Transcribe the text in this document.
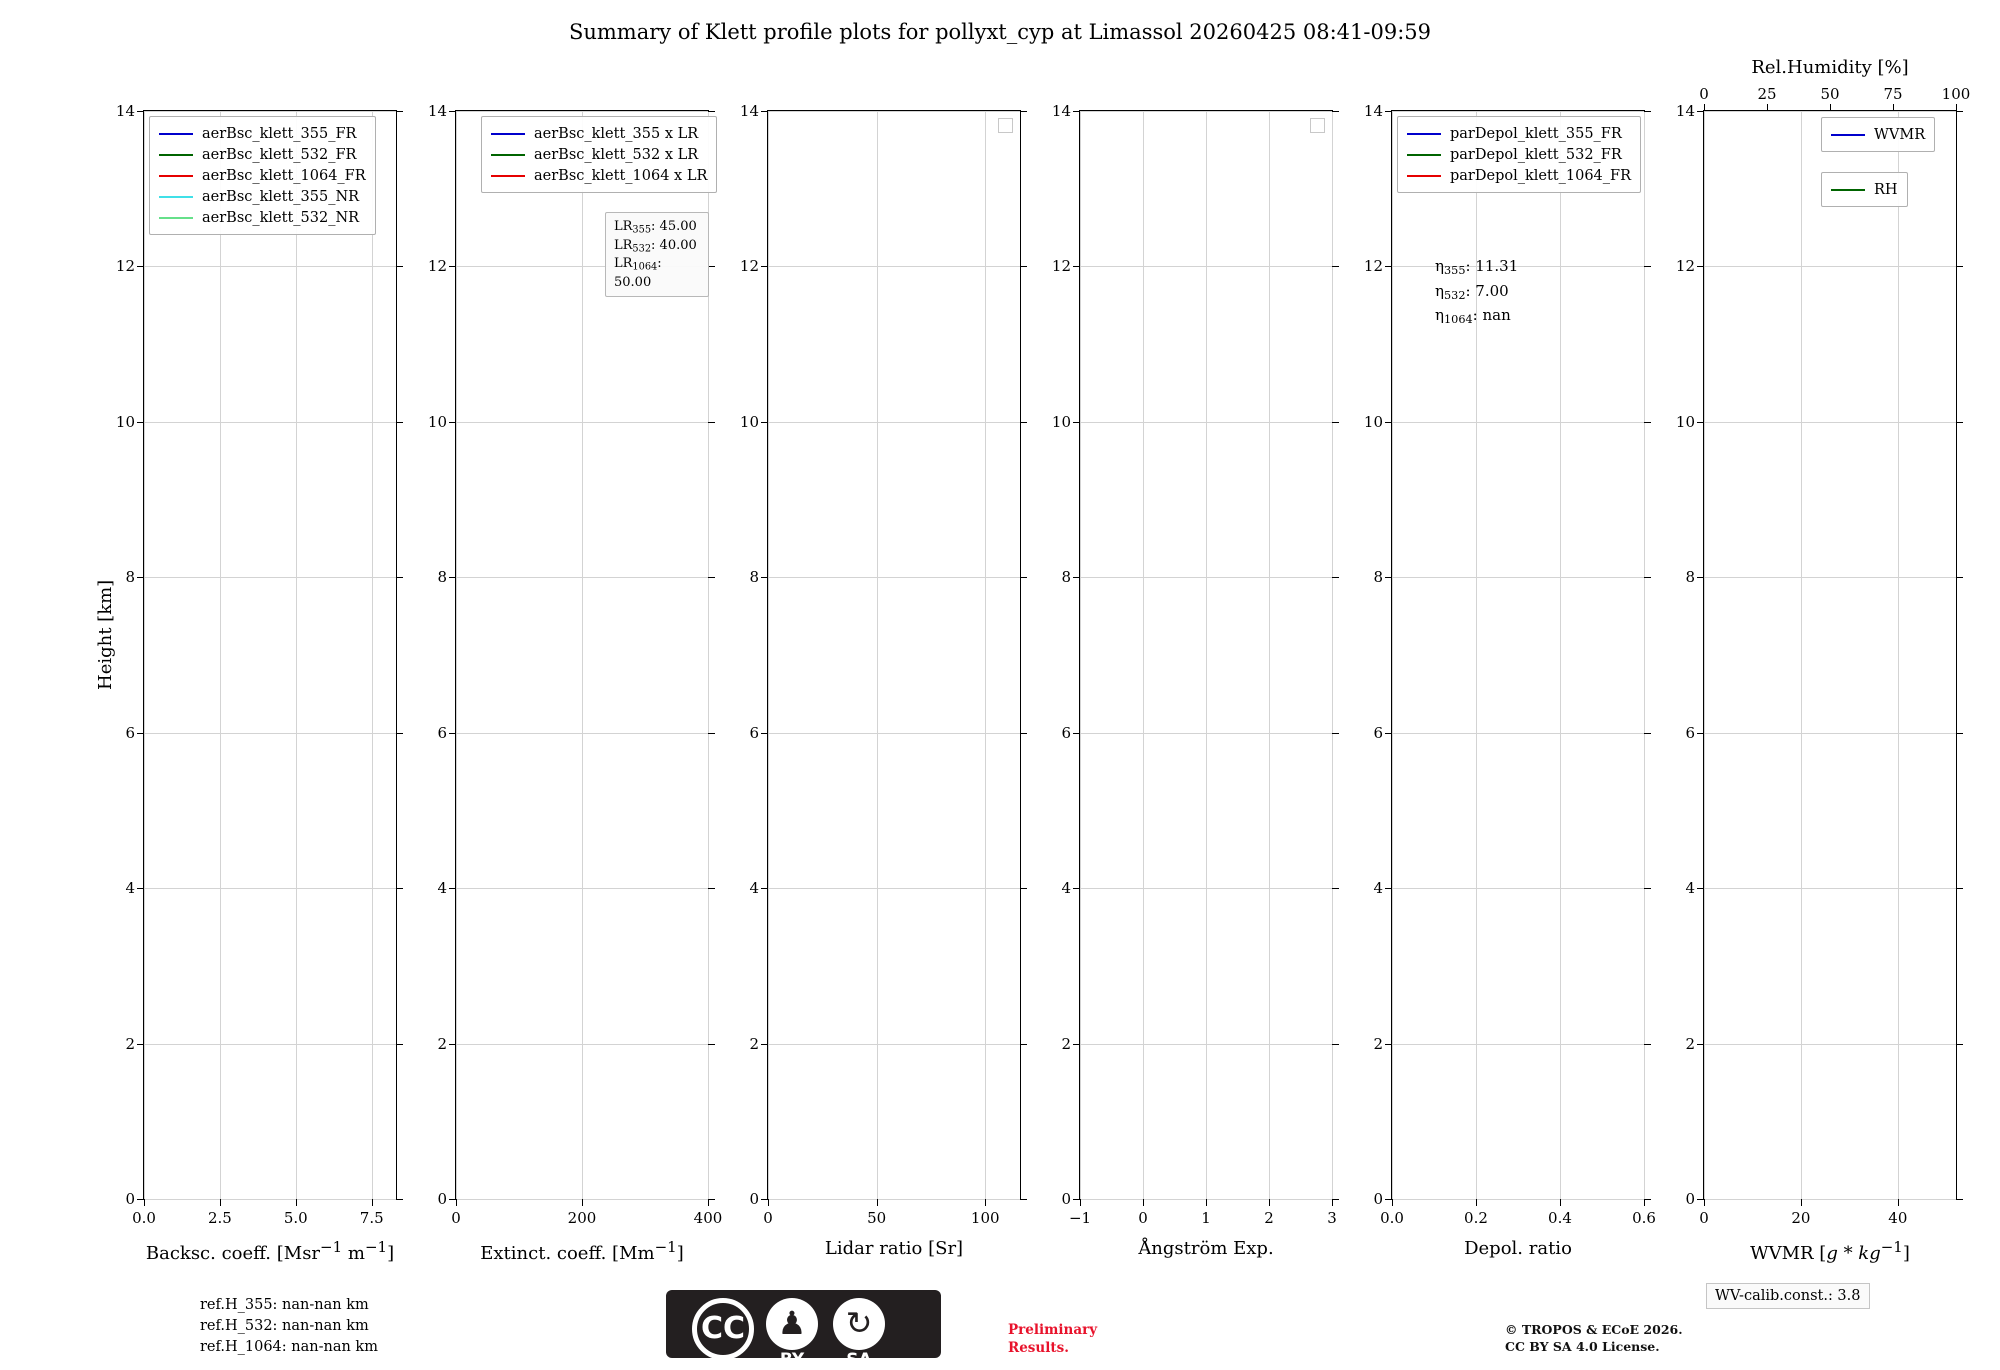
Summary of Klett profile plots for pollyxt_cyp at Limassol 20260425 08:41-09:59
Height [km]
0
2
4
6
8
10
12
14
0.0	2.5	5.0	7.5
Backsc. coeff. [Msr$^{-1}$ $m^{-1}$]
aerBsc_klett_355_FR
aerBsc_klett_532_FR
aerBsc_klett_1064_FR
aerBsc_klett_355_NR
aerBsc_klett_532_NR
0
2
4
6
8
10
12
14
0	200	400
Extinct. coeff. $[Mm^{-1}]$
aerBsc_klett_355 x LR
aerBsc_klett_532 x LR
aerBsc_klett_1064 x LR
$LR_{355}$: 45.00
$LR_{532}$: 40.00
$LR_{1064}$: 50.00
0
2
4
6
8
10
12
14
0	50	100
Lidar ratio [Sr]
0
2
4
6
8
10
12
14
−1	0	1	2	3
Ångström Exp.
0
2
4
6
8
10
12
14
0.0	0.2	0.4	0.6
Depol. ratio
parDepol_klett_355_FR
parDepol_klett_532_FR
parDepol_klett_1064_FR
$\eta_{355}$: 11.31
$\eta_{532}$: 7.00
$\eta_{1064}$: nan
0
2
4
6
8
10
12
14
0	20	40
0	25	50	75	100
Rel.Humidity [%]
WVMR $[g * kg^{-1}]$
WVMR
RH
ref.H_355: nan-nan km
ref.H_532: nan-nan km
ref.H_1064: nan-nan km
CC	♟
BY
↻
SA
Preliminary
Results.
© TROPOS & ECoE 2026.
CC BY SA 4.0 License.
WV-calib.const.: 3.8
